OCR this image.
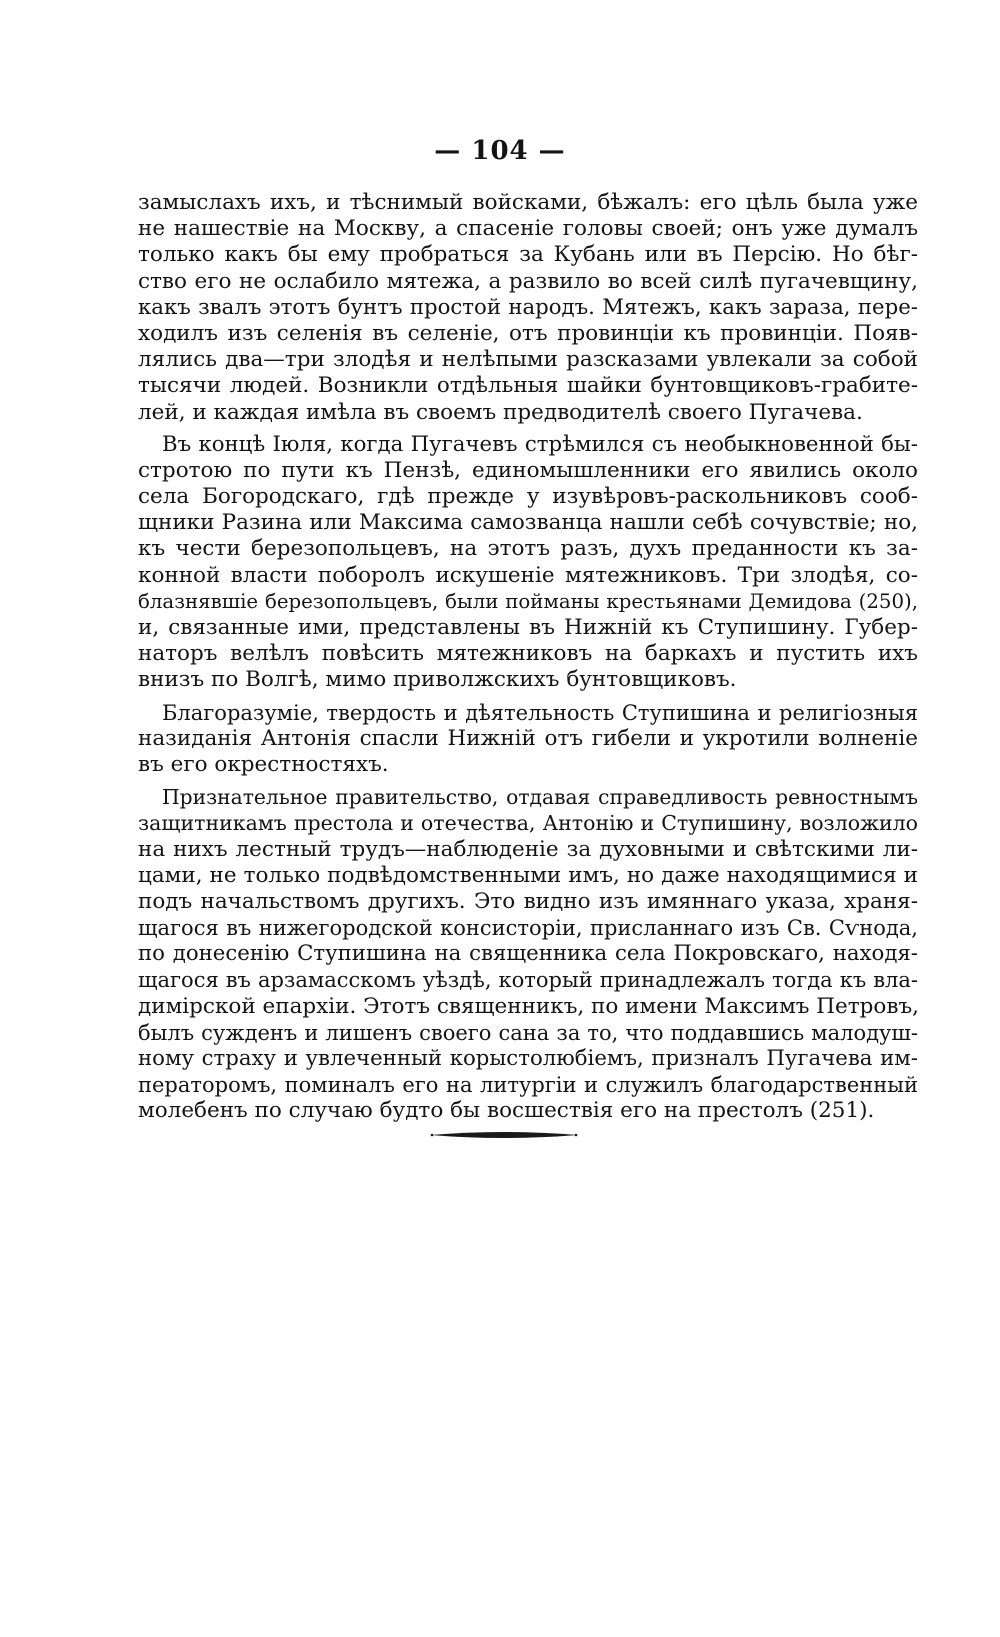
— 104 —
замыслахъ ихъ, и тѣснимый войсками, бѣжалъ: его цѣль была уже
не нашествіе на Москву, а спасеніе головы своей; онъ уже думалъ
только какъ бы ему пробраться за Кубань или въ Персію. Но бѣг-
ство его не ослабило мятежа, а развило во всей силѣ пугачевщину,
какъ звалъ этотъ бунтъ простой народъ. Мятежъ, какъ зараза, пере-
ходилъ изъ селенія въ селеніе, отъ провинціи къ провинціи. Появ-
лялись два—три злодѣя и нелѣпыми разсказами увлекали за собой
тысячи людей. Возникли отдѣльныя шайки бунтовщиковъ-грабите-
лей, и каждая имѣла въ своемъ предводителѣ своего Пугачева.
Въ концѣ Іюля, когда Пугачевъ стрѣмился съ необыкновенной бы-
стротою по пути къ Пензѣ, единомышленники его явились около
села Богородскаго, гдѣ прежде у изувѣровъ-раскольниковъ сооб-
щники Разина или Максима самозванца нашли себѣ сочувствіе; но,
къ чести березопольцевъ, на этотъ разъ, духъ преданности къ за-
конной власти поборолъ искушеніе мятежниковъ. Три злодѣя, со-
блазнявшіе березопольцевъ, были пойманы крестьянами Демидова (250),
и, связанные ими, представлены въ Нижній къ Ступишину. Губер-
наторъ велѣлъ повѣсить мятежниковъ на баркахъ и пустить ихъ
внизъ по Волгѣ, мимо приволжскихъ бунтовщиковъ.
Благоразуміе, твердость и дѣятельность Ступишина и религіозныя
назиданія Антонія спасли Нижній отъ гибели и укротили волненіе
въ его окрестностяхъ.
Признательное правительство, отдавая справедливость ревностнымъ
защитникамъ престола и отечества, Антонію и Ступишину, возложило
на нихъ лестный трудъ—наблюденіе за духовными и свѣтскими ли-
цами, не только подвѣдомственными имъ, но даже находящимися и
подъ начальствомъ другихъ. Это видно изъ имяннаго указа, храня-
щагося въ нижегородской консисторіи, присланнаго изъ Св. Сѵнода,
по донесенію Ступишина на священника села Покровскаго, находя-
щагося въ арзамасскомъ уѣздѣ, который принадлежалъ тогда къ вла-
димірской епархіи. Этотъ священникъ, по имени Максимъ Петровъ,
былъ сужденъ и лишенъ своего сана за то, что поддавшись малодуш-
ному страху и увлеченный корыстолюбіемъ, призналъ Пугачева им-
ператоромъ, поминалъ его на литургіи и служилъ благодарственный
молебенъ по случаю будто бы восшествія его на престолъ (251).
